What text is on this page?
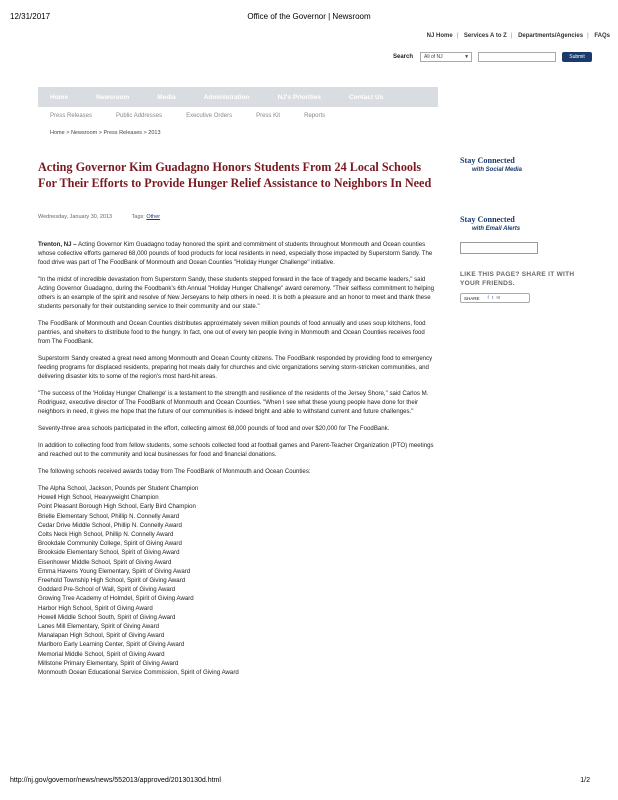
12/31/2017	Office of the Governor | Newsroom
NJ Home | Services A to Z | Departments/Agencies | FAQs
Search	All of NJ	▼	Submit
Home	Newsroom	Media	Administration	NJ's Priorities	Contact Us
Press Releases	Public Addresses	Executive Orders	Press Kit	Reports
Home > Newsroom > Press Releases > 2013
Acting Governor Kim Guadagno Honors Students From 24 Local Schools For Their Efforts to Provide Hunger Relief Assistance to Neighbors In Need
Wednesday, January 30, 2013	Tags: Other

Trenton, NJ – Acting Governor Kim Guadagno today honored the spirit and commitment of students throughout Monmouth and Ocean counties whose collective efforts garnered 68,000 pounds of food products for local residents in need, especially those impacted by Superstorm Sandy. The food drive was part of The FoodBank of Monmouth and Ocean Counties "Holiday Hunger Challenge" initiative.

"In the midst of incredible devastation from Superstorm Sandy, these students stepped forward in the face of tragedy and became leaders," said Acting Governor Guadagno, during the Foodbank's 6th Annual "Holiday Hunger Challenge" award ceremony. "Their selfless commitment to helping others is an example of the spirit and resolve of New Jerseyans to help others in need. It is both a pleasure and an honor to meet and thank these students personally for their outstanding service to their community and our state."

The FoodBank of Monmouth and Ocean Counties distributes approximately seven million pounds of food annually and uses soup kitchens, food pantries, and shelters to distribute food to the hungry. In fact, one out of every ten people living in Monmouth and Ocean Counties receives food from The FoodBank.

Superstorm Sandy created a great need among Monmouth and Ocean County citizens. The FoodBank responded by providing food to emergency feeding programs for displaced residents, preparing hot meals daily for churches and civic organizations serving storm-stricken communities, and delivering disaster kits to some of the region's most hard-hit areas.

"The success of the 'Holiday Hunger Challenge' is a testament to the strength and resilience of the residents of the Jersey Shore," said Carlos M. Rodriguez, executive director of The FoodBank of Monmouth and Ocean Counties. "When I see what these young people have done for their neighbors in need, it gives me hope that the future of our communities is indeed bright and able to withstand current and future challenges."

Seventy-three area schools participated in the effort, collecting almost 68,000 pounds of food and over $20,000 for The FoodBank.

In addition to collecting food from fellow students, some schools collected food at football games and Parent-Teacher Organization (PTO) meetings and reached out to the community and local businesses for food and financial donations.

The following schools received awards today from The FoodBank of Monmouth and Ocean Counties:

The Alpha School, Jackson, Pounds per Student Champion
Howell High School, Heavyweight Champion
Point Pleasant Borough High School, Early Bird Champion
Brielle Elementary School, Phillip N. Connelly Award
Cedar Drive Middle School, Phillip N. Connelly Award
Colts Neck High School, Phillip N. Connelly Award
Brookdale Community College, Spirit of Giving Award
Brookside Elementary School, Spirit of Giving Award
Eisenhower Middle School, Spirit of Giving Award
Emma Havens Young Elementary, Spirit of Giving Award
Freehold Township High School, Spirit of Giving Award
Goddard Pre-School of Wall, Spirit of Giving Award
Growing Tree Academy of Holmdel, Spirit of Giving Award
Harbor High School, Spirit of Giving Award
Howell Middle School South, Spirit of Giving Award
Lanes Mill Elementary, Spirit of Giving Award
Manalapan High School, Spirit of Giving Award
Marlboro Early Learning Center, Spirit of Giving Award
Memorial Middle School, Spirit of Giving Award
Millstone Primary Elementary, Spirit of Giving Award
Monmouth Ocean Educational Service Commission, Spirit of Giving Award
Stay Connected
with Social Media
Stay Connected
with Email Alerts
LIKE THIS PAGE? SHARE IT WITH YOUR FRIENDS.
SHARE f t ✉
http://nj.gov/governor/news/news/552013/approved/20130130d.html	1/2
